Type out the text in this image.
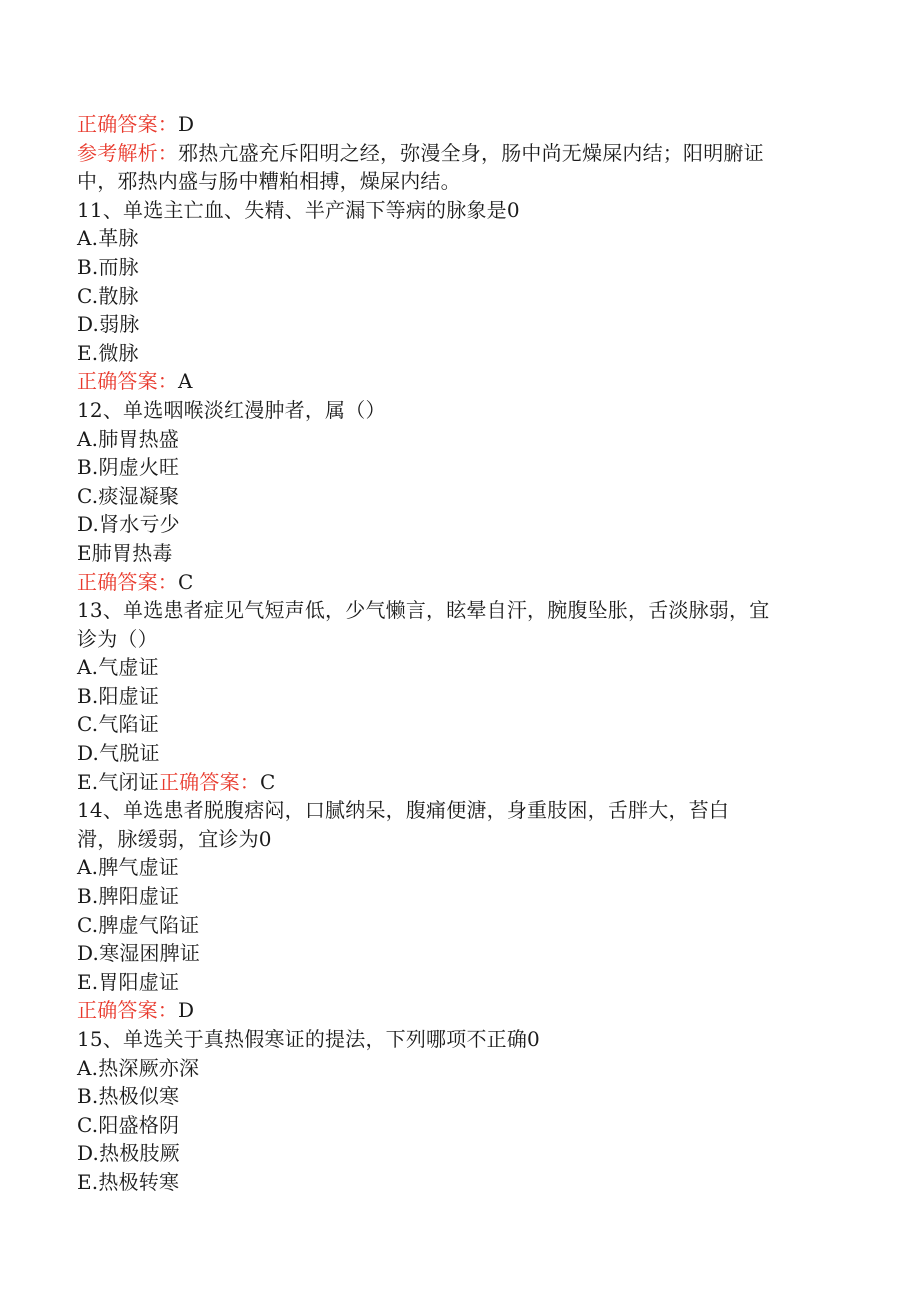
正确答案：D
参考解析：邪热亢盛充斥阳明之经，弥漫全身，肠中尚无燥屎内结；阳明腑证
中，邪热内盛与肠中糟粕相搏，燥屎内结。
11、单选主亡血、失精、半产漏下等病的脉象是0
A.革脉
B.而脉
C.散脉
D.弱脉
E.微脉
正确答案：A
12、单选咽喉淡红漫肿者，属（）
A.肺胃热盛
B.阴虚火旺
C.痰湿凝聚
D.肾水亏少
E肺胃热毒
正确答案：C
13、单选患者症见气短声低，少气懒言，眩晕自汗，腕腹坠胀，舌淡脉弱，宜
诊为（）
A.气虚证
B.阳虚证
C.气陷证
D.气脱证
E.气闭证正确答案：C
14、单选患者脱腹痞闷，口腻纳呆，腹痛便溏，身重肢困，舌胖大，苔白
滑，脉缓弱，宜诊为0
A.脾气虚证
B.脾阳虚证
C.脾虚气陷证
D.寒湿困脾证
E.胃阳虚证
正确答案：D
15、单选关于真热假寒证的提法，下列哪项不正确0
A.热深厥亦深
B.热极似寒
C.阳盛格阴
D.热极肢厥
E.热极转寒
